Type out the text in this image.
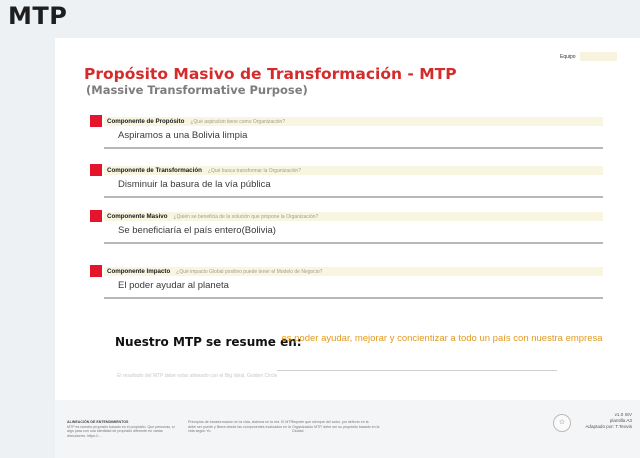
MTP
Equipo
Propósito Masivo de Transformación - MTP
(Massive Transformative Purpose)
Componente de Propósito ¿Qué aspira/sin tiene como Organización?
Aspiramos a una Bolivia limpia
Componente de Transformación ¿Qué busca transformar la Organización?
Disminuir la basura de la vía pública
Componente Masivo ¿Quién se beneficia de la solución que propone la Organización?
Se beneficiaría el país entero(Bolivia)
Componente Impacto ¿Qué impacto Global positivo puede tener el Modelo de Negocio?
El poder ayudar al planeta
Nuestro MTP se resume en:
es poder ayudar, mejorar y concientizar a todo un país con nuestra empresa
El resultado del MTP debe estar alineado con el Big Ideal, Golden Circle
ALINEACIÓN DE ENTENDIMIENTOS
MTP es nuestro propósito basado en el propósito. Que personas, si algo para con una identidad de propósito diferente en varias direcciones. https://...
Principios de transformación en la vida, sistema en la red. El MTP debe ser puede y libera desde las componentes evaluados en la vida según Yo.
Importe que siempre del autor, por defecto en la Organización MTP, debe ser su propósito basado en la Ciudad.
☆
v1.0 ISV
plantilla A3
Adaptado por: T.Teovis
